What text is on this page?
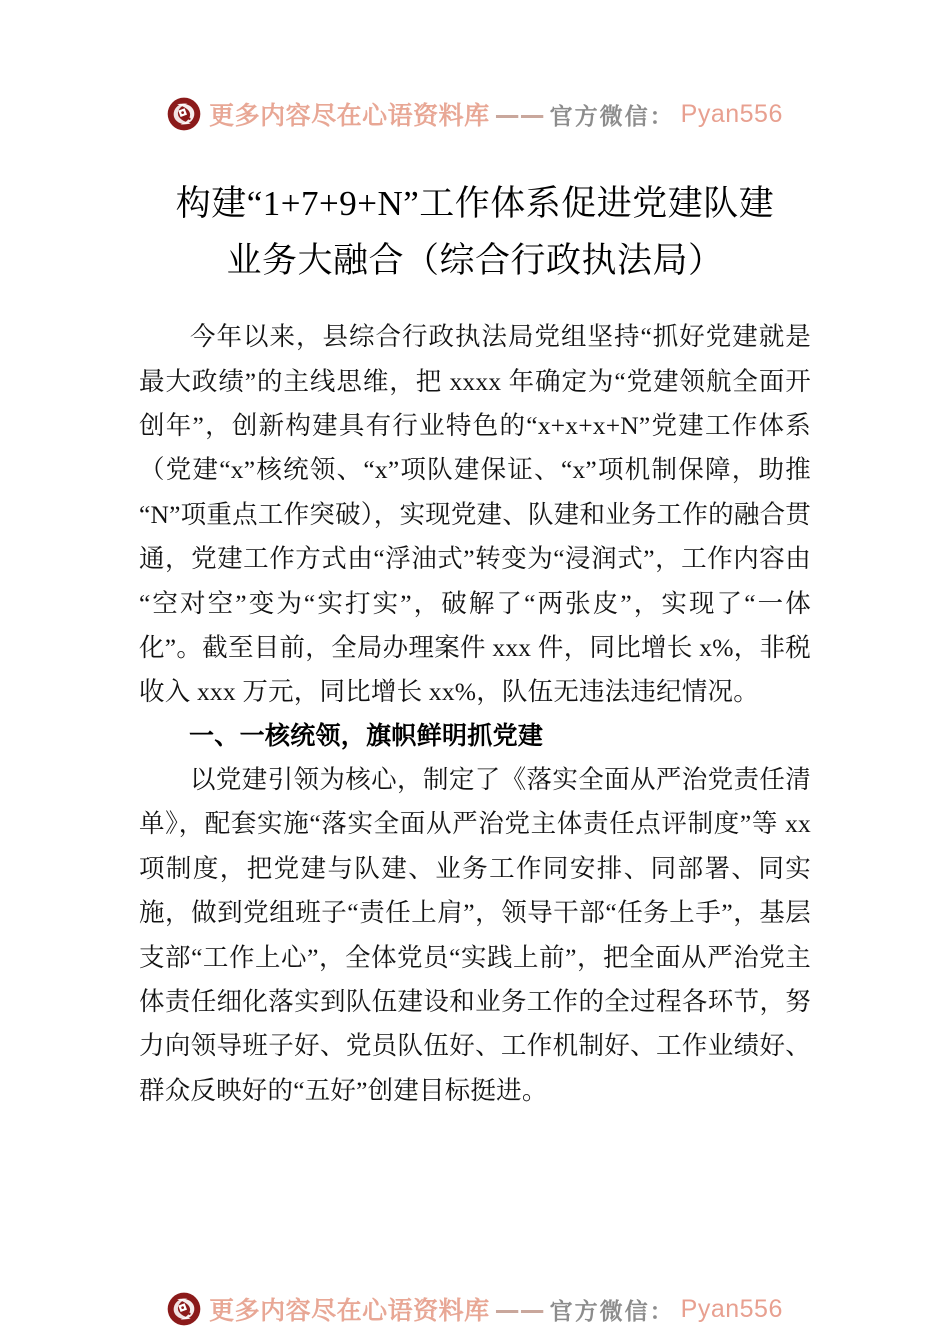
更多内容尽在心语资料库 —— 官方微信： Pyan556
构建“1+7+9+N”工作体系促进党建队建
业务大融合（综合行政执法局）

今年以来，县综合行政执法局党组坚持“抓好党建就是最大政绩”的主线思维，把 xxxx 年确定为“党建领航全面开创年”，创新构建具有行业特色的“x+x+x+N”党建工作体系（党建“x”核统领、“x”项队建保证、“x”项机制保障，助推“N”项重点工作突破），实现党建、队建和业务工作的融合贯通，党建工作方式由“浮油式”转变为“浸润式”，工作内容由“空对空”变为“实打实”，破解了“两张皮”，实现了“一体化”。截至目前，全局办理案件 xxx 件，同比增长 x%，非税收入 xxx 万元，同比增长 xx%，队伍无违法违纪情况。

一、一核统领，旗帜鲜明抓党建

以党建引领为核心，制定了《落实全面从严治党责任清单》，配套实施“落实全面从严治党主体责任点评制度”等 xx 项制度，把党建与队建、业务工作同安排、同部署、同实施，做到党组班子“责任上肩”，领导干部“任务上手”，基层支部“工作上心”，全体党员“实践上前”，把全面从严治党主体责任细化落实到队伍建设和业务工作的全过程各环节，努力向领导班子好、党员队伍好、工作机制好、工作业绩好、群众反映好的“五好”创建目标挺进。

更多内容尽在心语资料库 —— 官方微信： Pyan556
